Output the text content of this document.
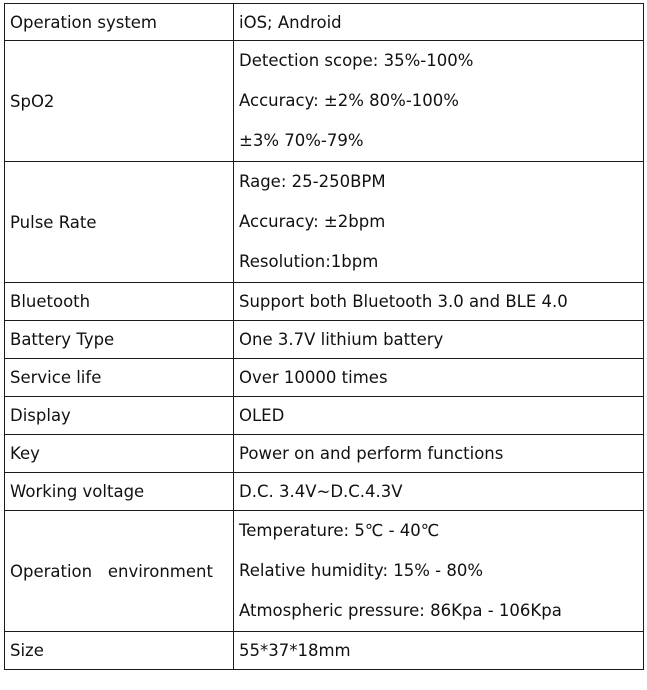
Operation system	iOS; Android
SpO2	Detection scope: 35%-100%
Accuracy: ±2% 80%-100%
±3% 70%-79%

Pulse Rate	Rage: 25-250BPM
Accuracy: ±2bpm
Resolution:1bpm

Bluetooth	Support both Bluetooth 3.0 and BLE 4.0
Battery Type	One 3.7V lithium battery
Service life	Over 10000 times
Display	OLED
Key	Power on and perform functions
Working voltage	D.C. 3.4V~D.C.4.3V
Operation   environment	Temperature: 5℃ - 40℃
Relative humidity: 15% - 80%
Atmospheric pressure: 86Kpa - 106Kpa

Size	55*37*18mm
